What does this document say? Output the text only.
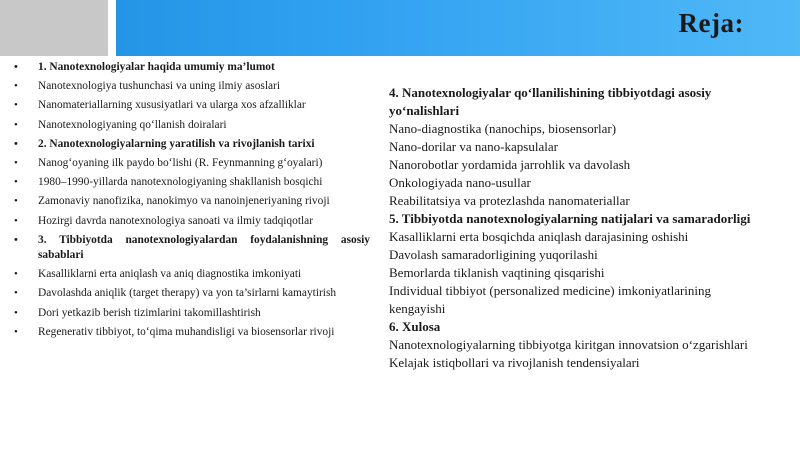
Reja:
• 1. Nanotexnologiyalar haqida umumiy ma’lumot
• Nanotexnologiya tushunchasi va uning ilmiy asoslari
• Nanomateriallarning xususiyatlari va ularga xos afzalliklar
• Nanotexnologiyaning qo‘llanish doiralari
• 2. Nanotexnologiyalarning yaratilish va rivojlanish tarixi
• Nanog‘oyaning ilk paydo bo‘lishi (R. Feynmanning g‘oyalari)
• 1980–1990-yillarda nanotexnologiyaning shakllanish bosqichi
• Zamonaviy nanofizika, nanokimyo va nanoinjeneriyaning rivoji
• Hozirgi davrda nanotexnologiya sanoati va ilmiy tadqiqotlar
• 3. Tibbiyotda nanotexnologiyalardan foydalanishning asosiy sabablari
• Kasalliklarni erta aniqlash va aniq diagnostika imkoniyati
• Davolashda aniqlik (target therapy) va yon ta’sirlarni kamaytirish
• Dori yetkazib berish tizimlarini takomillashtirish
• Regenerativ tibbiyot, to‘qima muhandisligi va biosensorlar rivoji

4. Nanotexnologiyalar qo‘llanilishining tibbiyotdagi asosiy yo‘nalishlari

Nano-diagnostika (nanochips, biosensorlar)

Nano-dorilar va nano-kapsulalar

Nanorobotlar yordamida jarrohlik va davolash

Onkologiyada nano-usullar

Reabilitatsiya va protezlashda nanomateriallar

5. Tibbiyotda nanotexnologiyalarning natijalari va samaradorligi

Kasalliklarni erta bosqichda aniqlash darajasining oshishi

Davolash samaradorligining yuqorilashi

Bemorlarda tiklanish vaqtining qisqarishi

Individual tibbiyot (personalized medicine) imkoniyatlarining kengayishi

6. Xulosa

Nanotexnologiyalarning tibbiyotga kiritgan innovatsion o‘zgarishlari

Kelajak istiqbollari va rivojlanish tendensiyalari
